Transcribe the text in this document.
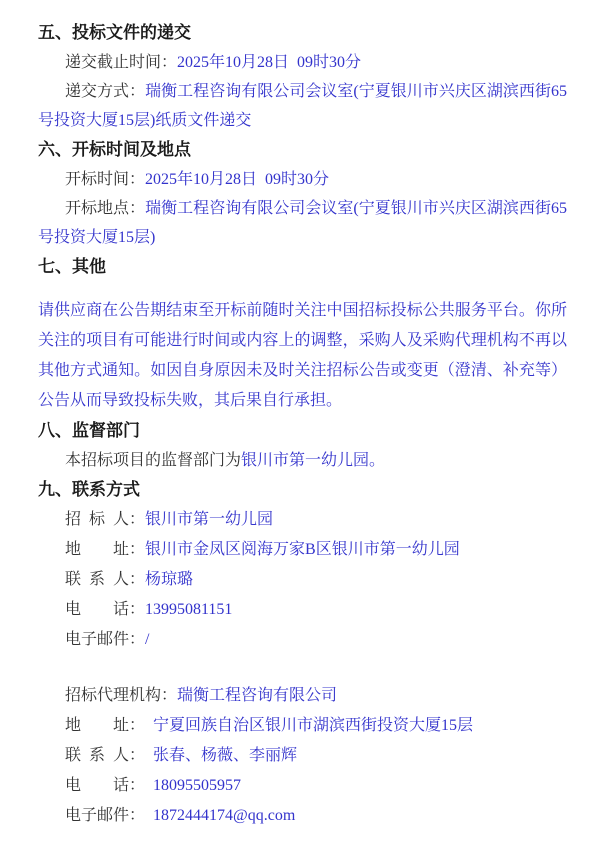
五、投标文件的递交

递交截止时间：2025年10月28日 09时30分

递交方式：瑞衡工程咨询有限公司会议室(宁夏银川市兴庆区湖滨西街65号投资大厦15层)纸质文件递交

六、开标时间及地点

开标时间：2025年10月28日 09时30分

开标地点：瑞衡工程咨询有限公司会议室(宁夏银川市兴庆区湖滨西街65号投资大厦15层)

七、其他

请供应商在公告期结束至开标前随时关注中国招标投标公共服务平台。你所关注的项目有可能进行时间或内容上的调整，采购人及采购代理机构不再以其他方式通知。如因自身原因未及时关注招标公告或变更（澄清、补充等）公告从而导致投标失败，其后果自行承担。

八、监督部门

本招标项目的监督部门为银川市第一幼儿园。

九、联系方式

招 标 人：银川市第一幼儿园

地　　址：银川市金凤区阅海万家B区银川市第一幼儿园

联 系 人：杨琼璐

电　　话：13995081151

电子邮件：/

招标代理机构：瑞衡工程咨询有限公司

地　　址： 宁夏回族自治区银川市湖滨西街投资大厦15层

联 系 人： 张春、杨薇、李丽辉

电　　话： 18095505957

电子邮件： 1872444174@qq.com
